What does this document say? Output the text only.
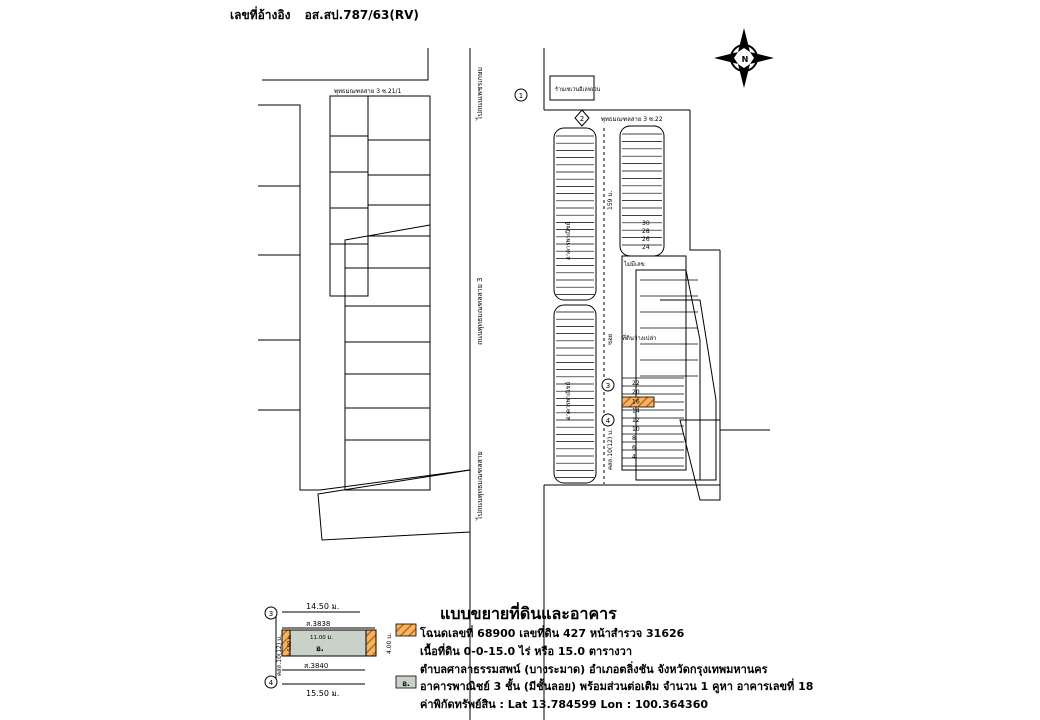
N
พุทธมณฑลสาย 3 ซ.21/1	ไปถนนเพชรเกษม
ถนนพุทธมณฑลสาย 3
ไปถนนพุทธมณฑลสาย
ร้านเซเว่นอีเลฟเว่น
พุทธมณฑลสาย 3 ซ.22
1
2
3
4
159 ม.
ซอย
คสล.10(12) ม.
อาคารพาณิชย์
อาคารพาณิชย์
ไม่มีเลข
ที่ดินว่างเปล่า
30
28
26
24
22
20
16
14
12
10
8
6
4
14.50 ม.
ส.3838
11.00 ม.
อ.
ส.3840
15.50 ม.
4.00 ม.
คสล.10(12) ม. 4.00 ม.
3
4	อ.
เลขที่อ้างอิง อส.สป.787/63(RV)
แบบขยายที่ดินและอาคาร
โฉนดเลขที่ 68900 เลขที่ดิน 427 หน้าสำรวจ 31626
เนื้อที่ดิน 0-0-15.0 ไร่ หรือ 15.0 ตารางวา
ตำบลศาลาธรรมสพน์ (บางระมาด) อำเภอตลิ่งชัน จังหวัดกรุงเทพมหานคร
อาคารพาณิชย์ 3 ชั้น (มีชั้นลอย) พร้อมส่วนต่อเติม จำนวน 1 คูหา อาคารเลขที่ 18
ค่าพิกัดทรัพย์สิน : Lat 13.784599 Lon : 100.364360
